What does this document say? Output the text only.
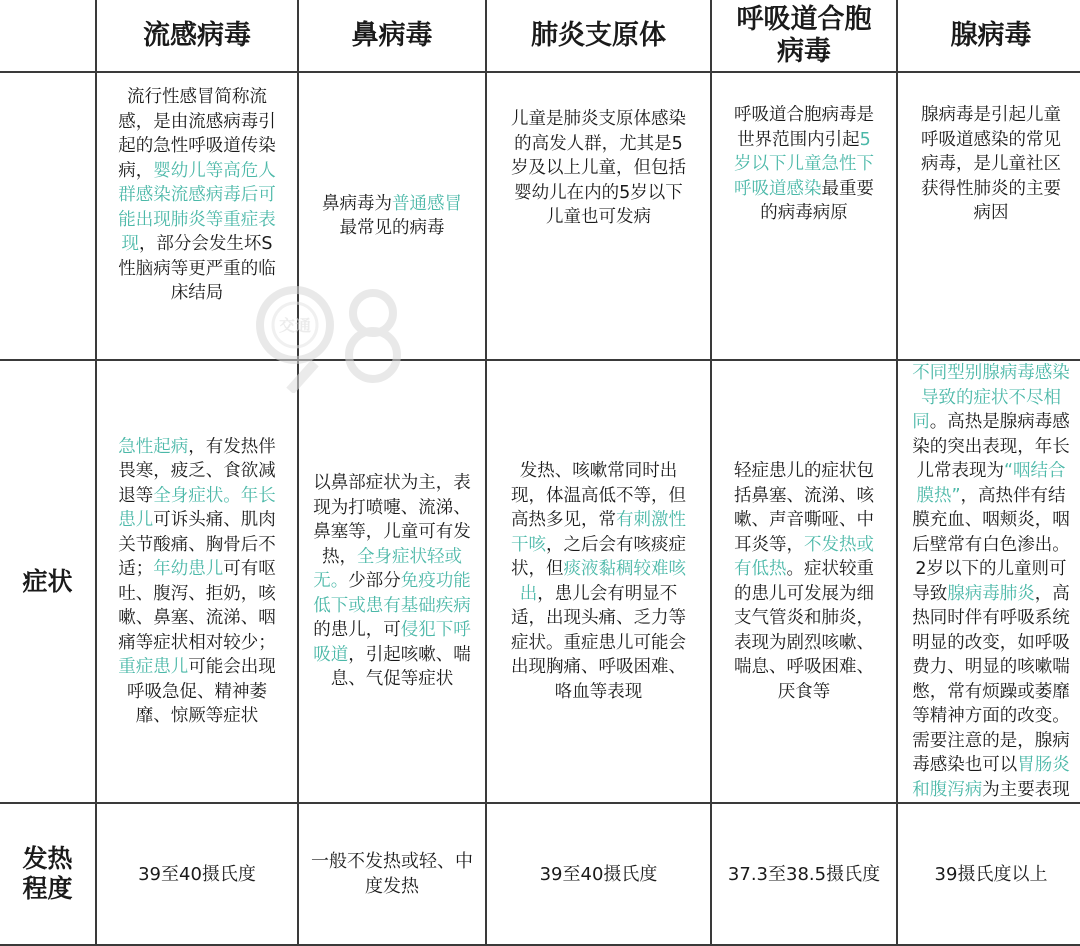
	流感病毒	鼻病毒	肺炎支原体	呼吸道合胞病毒	腺病毒

	流行性感冒简称流感，是由流感病毒引起的急性呼吸道传染病，婴幼儿等高危人群感染流感病毒后可能出现肺炎等重症表现，部分会发生坏S性脑病等更严重的临床结局	鼻病毒为普通感冒最常见的病毒	儿童是肺炎支原体感染的高发人群，尤其是5岁及以上儿童，但包括婴幼儿在内的5岁以下儿童也可发病	呼吸道合胞病毒是世界范围内引起5岁以下儿童急性下呼吸道感染最重要的病毒病原	腺病毒是引起儿童呼吸道感染的常见病毒，是儿童社区获得性肺炎的主要病因

症状	急性起病，有发热伴畏寒，疲乏、食欲减退等全身症状。年长患儿可诉头痛、肌肉关节酸痛、胸骨后不适；年幼患儿可有呕吐、腹泻、拒奶，咳嗽、鼻塞、流涕、咽痛等症状相对较少；重症患儿可能会出现呼吸急促、精神萎靡、惊厥等症状	以鼻部症状为主，表现为打喷嚏、流涕、鼻塞等，儿童可有发热，全身症状轻或无。少部分免疫功能低下或患有基础疾病的患儿，可侵犯下呼吸道，引起咳嗽、喘息、气促等症状	发热、咳嗽常同时出现，体温高低不等，但高热多见，常有刺激性干咳，之后会有咳痰症状，但痰液黏稠较难咳出，患儿会有明显不适，出现头痛、乏力等症状。重症患儿可能会出现胸痛、呼吸困难、咯血等表现	轻症患儿的症状包括鼻塞、流涕、咳嗽、声音嘶哑、中耳炎等，不发热或有低热。症状较重的患儿可发展为细支气管炎和肺炎，表现为剧烈咳嗽、喘息、呼吸困难、厌食等	不同型别腺病毒感染导致的症状不尽相同。高热是腺病毒感染的突出表现，年长儿常表现为“咽结合膜热”，高热伴有结膜充血、咽颊炎，咽后壁常有白色渗出。2岁以下的儿童则可导致腺病毒肺炎，高热同时伴有呼吸系统明显的改变，如呼吸费力、明显的咳嗽喘憋，常有烦躁或萎靡等精神方面的改变。需要注意的是，腺病毒感染也可以胃肠炎和腹泻病为主要表现

发热程度	39至40摄氏度	一般不发热或轻、中度发热	39至40摄氏度	37.3至38.5摄氏度	39摄氏度以上
交通
